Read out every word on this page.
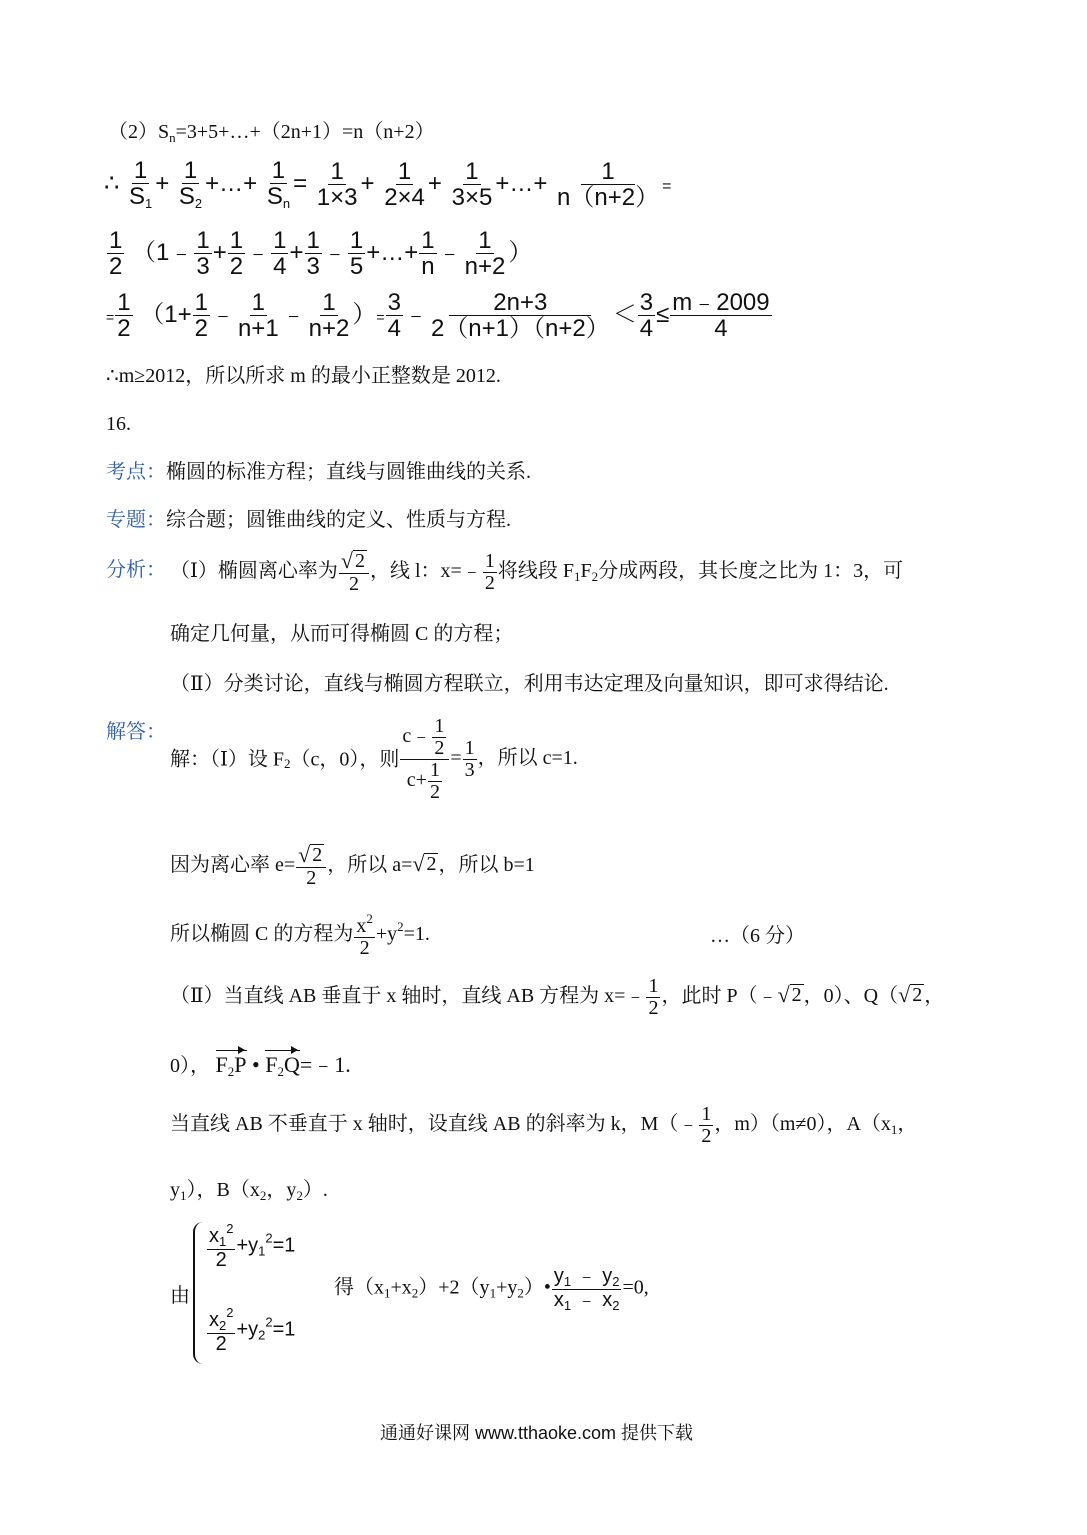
$(2)S_n=3+5+\dots+(2n+1)=n(n+2)$
∴ $\frac{1}{S_1} + \frac{1}{S_2}$ +…+ $\frac{1}{S_n} = \frac{1}{1\times 3} + \frac{1}{2\times 4} + \frac{1}{3\times 5}$ +…+ $\frac{1}{n(n+2)}$ =
$\frac{1}{2}$ （1﹣ $\frac{1}{3} + \frac{1}{2}$ ﹣ $\frac{1}{4} + \frac{1}{3}$ ﹣ $\frac{1}{5}$ +…+ $\frac{1}{n}$ ﹣ $\frac{1}{n+2}$ ）
= $\frac{1}{2} (1+ \frac{1}{2}$ ﹣ $\frac{1}{n+1}$ ﹣ $\frac{1}{n+2}$ ）= $\frac{3}{4}$ ﹣ $\frac{2n+3}{2(n+1)(n+2)} < \frac{3}{4} \le \frac{m﹣2009}{4}$
∴m≥2012，所以所求 m 的最小正整数是 2012.
16.
考点：椭圆的标准方程；直线与圆锥曲线的关系.
专题：综合题；圆锥曲线的定义、性质与方程.
分析： （Ⅰ）椭圆离心率为 $\frac{√ 2}{2}$ ，线 l：x=﹣ $\frac{1}{2}$ 将线段 $F_1F_2$分成两段，其长度之比为 1：3，可
确定几何量，从而可得椭圆 C 的方程；
（Ⅱ）分类讨论，直线与椭圆方程联立，利用韦达定理及向量知识，即可求得结论.
解答：
解：（Ⅰ）设 $F_2(c$，0），则 $\frac{c﹣ \frac{1}{2}}{c+ \frac{1}{2}} = \frac{1}{3}$ ，所以 c=1.
因为离心率 $e= \frac{√ 2}{2}$ ，所以 a= √ 2 ，所以 b=1
所以椭圆 C 的方程为 $\frac{x^2}{2} +y^2=1$.	…（6 分）
（Ⅱ）当直线 AB 垂直于 x 轴时，直线 AB 方程为 x=﹣ $\frac{1}{2}$ ，此时 P（﹣ √ 2 ，0）、Q（ √ 2 ，
0）， $F_2P$ • $F_2Q=﹣1$.
当直线 AB 不垂直于 x 轴时，设直线 AB 的斜率为 k，M（﹣ $\frac{1}{2}$ ，m）（m≠0），$A(x_1$，
$y_1$），$B(x_2$，$y_2$）.
由
$\frac{x_1^2}{2} +y_1^2=1$
$\frac{x_2^2}{2} +y_2^2=1$
得$(x_1+x_2)+2(y_1+y_2)• \frac{y_1 ﹣ y_2}{x_1 ﹣ x_2} =0$,
通通好课网 www.tthaoke.com 提供下载
